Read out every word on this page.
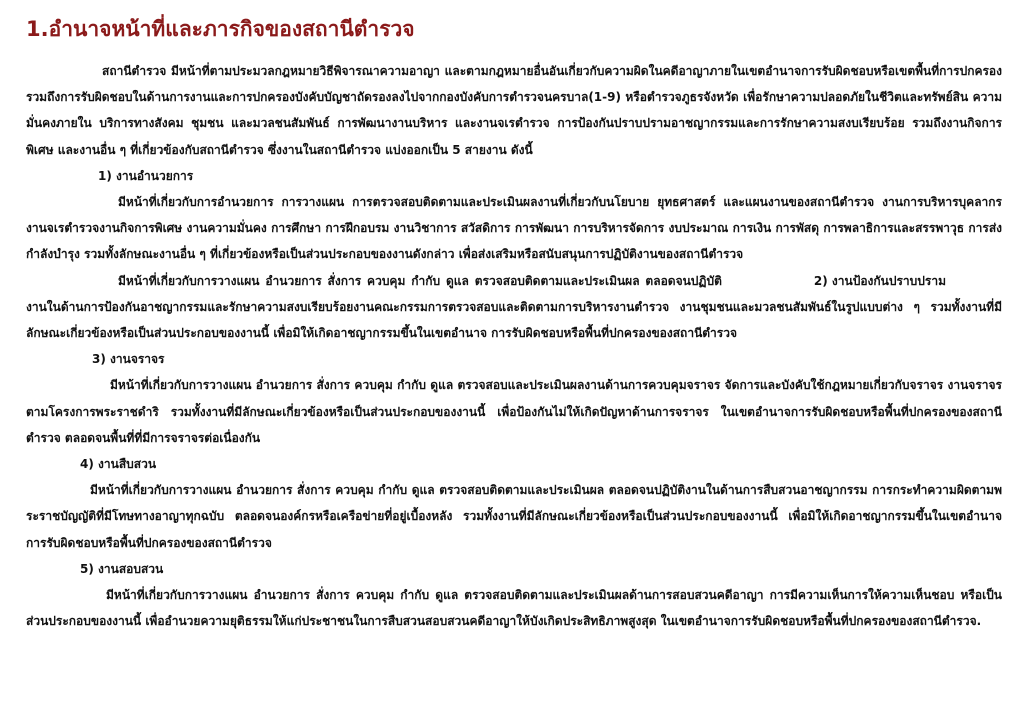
1.อำนาจหน้าที่และภารกิจของสถานีตำรวจ

สถานีตำรวจ มีหน้าที่ตามประมวลกฎหมายวิธีพิจารณาความอาญา และตามกฎหมายอื่นอันเกี่ยวกับความผิดในคดีอาญาภายในเขตอำนาจการรับผิดชอบหรือเขตพื้นที่การปกครอง รวมถึงการรับผิดชอบในด้านการงานและการปกครองบังคับบัญชาถัดรองลงไปจากกองบังคับการตำรวจนครบาล(1-9) หรือตำรวจภูธรจังหวัด เพื่อรักษาความปลอดภัยในชีวิตและทรัพย์สิน ความมั่นคงภายใน บริการทางสังคม ชุมชน และมวลชนสัมพันธ์ การพัฒนางานบริหาร และงานจเรตำรวจ การป้องกันปราบปรามอาชญากรรมและการรักษาความสงบเรียบร้อย รวมถึงงานกิจการพิเศษ และงานอื่น ๆ ที่เกี่ยวข้องกับสถานีตำรวจ ซึ่งงานในสถานีตำรวจ แบ่งออกเป็น 5 สายงาน ดังนี้

1) งานอำนวยการ

มีหน้าที่เกี่ยวกับการอำนวยการ การวางแผน การตรวจสอบติดตามและประเมินผลงานที่เกี่ยวกับนโยบาย ยุทธศาสตร์ และแผนงานของสถานีตำรวจ งานการบริหารบุคลากร งานจเรตำรวจงานกิจการพิเศษ งานความมั่นคง การศึกษา การฝึกอบรม งานวิชาการ สวัสดิการ การพัฒนา การบริหารจัดการ งบประมาณ การเงิน การพัสดุ การพลาธิการและสรรพาวุธ การส่งกำลังบำรุง รวมทั้งลักษณะงานอื่น ๆ ที่เกี่ยวข้องหรือเป็นส่วนประกอบของงานดังกล่าว เพื่อส่งเสริมหรือสนับสนุนการปฏิบัติงานของสถานีตำรวจ
2) งานป้องกันปราบปราม

มีหน้าที่เกี่ยวกับการวางแผน อำนวยการ สั่งการ ควบคุม กำกับ ดูแล ตรวจสอบติดตามและประเมินผล ตลอดจนปฏิบัติงานในด้านการป้องกันอาชญากรรมและรักษาความสงบเรียบร้อยงานคณะกรรมการตรวจสอบและติดตามการบริหารงานตำรวจ งานชุมชนและมวลชนสัมพันธ์ในรูปแบบต่าง ๆ รวมทั้งงานที่มีลักษณะเกี่ยวข้องหรือเป็นส่วนประกอบของงานนี้ เพื่อมิให้เกิดอาชญากรรมขึ้นในเขตอำนาจ การรับผิดชอบหรือพื้นที่ปกครองของสถานีตำรวจ

3) งานจราจร

มีหน้าที่เกี่ยวกับการวางแผน อำนวยการ สั่งการ ควบคุม กำกับ ดูแล ตรวจสอบและประเมินผลงานด้านการควบคุมจราจร จัดการและบังคับใช้กฎหมายเกี่ยวกับจราจร งานจราจรตามโครงการพระราชดำริ รวมทั้งงานที่มีลักษณะเกี่ยวข้องหรือเป็นส่วนประกอบของงานนี้ เพื่อป้องกันไม่ให้เกิดปัญหาด้านการจราจร ในเขตอำนาจการรับผิดชอบหรือพื้นที่ปกครองของสถานีตำรวจ ตลอดจนพื้นที่ที่มีการจราจรต่อเนื่องกัน

4) งานสืบสวน

มีหน้าที่เกี่ยวกับการวางแผน อำนวยการ สั่งการ ควบคุม กำกับ ดูแล ตรวจสอบติดตามและประเมินผล ตลอดจนปฏิบัติงานในด้านการสืบสวนอาชญากรรม การกระทำความผิดตามพระราชบัญญัติที่มีโทษทางอาญาทุกฉบับ ตลอดจนองค์กรหรือเครือข่ายที่อยู่เบื้องหลัง รวมทั้งงานที่มีลักษณะเกี่ยวข้องหรือเป็นส่วนประกอบของงานนี้ เพื่อมิให้เกิดอาชญากรรมขึ้นในเขตอำนาจการรับผิดชอบหรือพื้นที่ปกครองของสถานีตำรวจ

5) งานสอบสวน

มีหน้าที่เกี่ยวกับการวางแผน อำนวยการ สั่งการ ควบคุม กำกับ ดูแล ตรวจสอบติดตามและประเมินผลด้านการสอบสวนคดีอาญา การมีความเห็นการให้ความเห็นชอบ หรือเป็นส่วนประกอบของงานนี้ เพื่ออำนวยความยุติธรรมให้แก่ประชาชนในการสืบสวนสอบสวนคดีอาญาให้บังเกิดประสิทธิภาพสูงสุด ในเขตอำนาจการรับผิดชอบหรือพื้นที่ปกครองของสถานีตำรวจ.
